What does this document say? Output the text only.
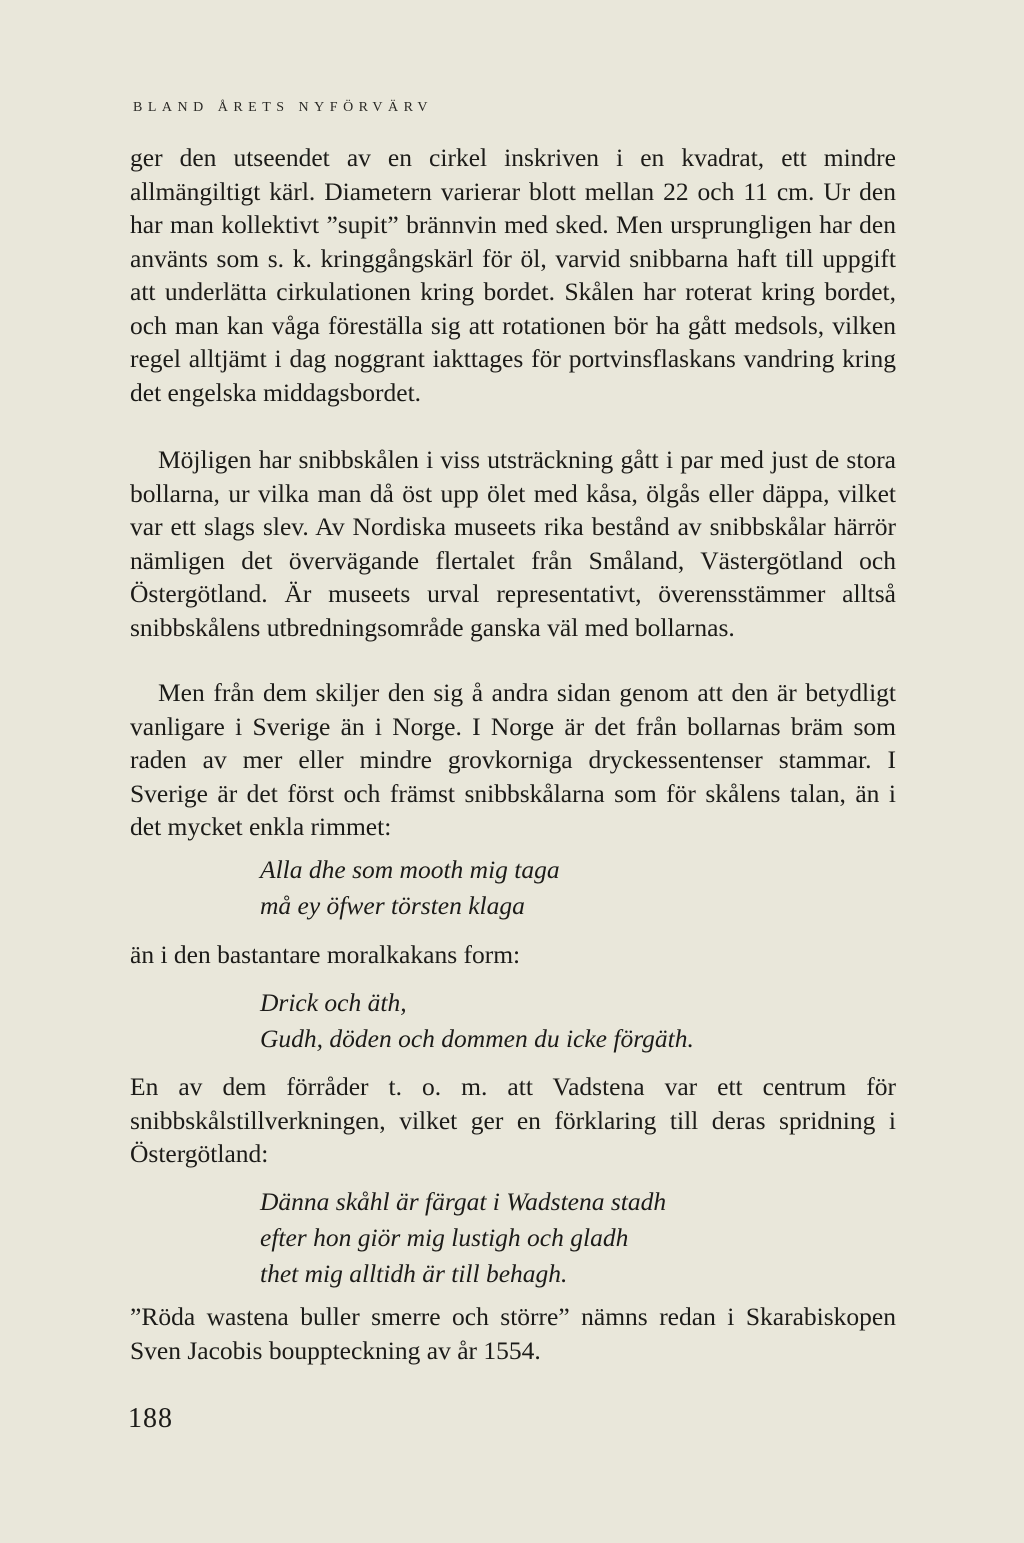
BLAND ÅRETS NYFÖRVÄRV

ger den utseendet av en cirkel inskriven i en kvadrat, ett mindre allmängiltigt kärl. Diametern varierar blott mellan 22 och 11 cm. Ur den har man kollektivt ”supit” brännvin med sked. Men ursprungligen har den använts som s. k. kringgångskärl för öl, varvid snibbarna haft till uppgift att underlätta cirkulationen kring bordet. Skålen har roterat kring bordet, och man kan våga föreställa sig att rotationen bör ha gått medsols, vilken regel alltjämt i dag noggrant iakttages för portvinsflaskans vandring kring det engelska middagsbordet.

Möjligen har snibbskålen i viss utsträckning gått i par med just de stora bollarna, ur vilka man då öst upp ölet med kåsa, ölgås eller däppa, vilket var ett slags slev. Av Nordiska museets rika bestånd av snibbskålar härrör nämligen det övervägande flertalet från Småland, Västergötland och Östergötland. Är museets urval representativt, överensstämmer alltså snibbskålens utbredningsområde ganska väl med bollarnas.

Men från dem skiljer den sig å andra sidan genom att den är betydligt vanligare i Sverige än i Norge. I Norge är det från bollarnas bräm som raden av mer eller mindre grovkorniga dryckessentenser stammar. I Sverige är det först och främst snibbskålarna som för skålens talan, än i det mycket enkla rimmet:

Alla dhe som mooth mig taga
må ey öfwer törsten klaga

än i den bastantare moralkakans form:

Drick och äth,
Gudh, döden och dommen du icke förgäth.

En av dem förråder t. o. m. att Vadstena var ett centrum för snibbskålstillverkningen, vilket ger en förklaring till deras spridning i Östergötland:

Dänna skåhl är färgat i Wadstena stadh
efter hon giör mig lustigh och gladh
thet mig alltidh är till behagh.

”Röda wastena buller smerre och större” nämns redan i Skarabiskopen Sven Jacobis bouppteckning av år 1554.

188
